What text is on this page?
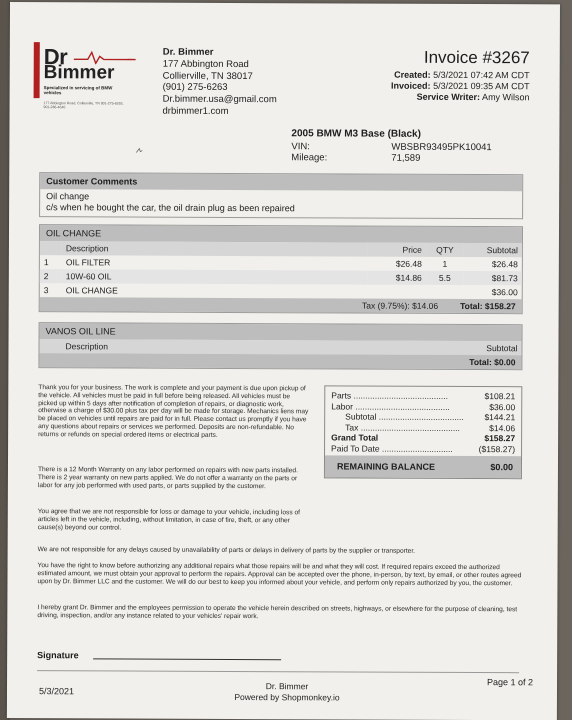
Dr
Bimmer
Specialized in servicing of BMW vehicles
177 Abbington Road, Collierville, TN 901-275-6263, 901-286-4640
Dr. Bimmer
177 Abbington Road
Collierville, TN 38017
(901) 275-6263
Dr.bimmer.usa@gmail.com
drbimmer1.com
Invoice #3267
Created: 5/3/2021 07:42 AM CDT
Invoiced: 5/3/2021 09:35 AM CDT
Service Writer: Amy Wilson
2005 BMW M3 Base (Black)
VIN:	WBSBR93495PK10041
Mileage:	71,589
Customer Comments
Oil change
c/s when he bought the car, the oil drain plug as been repaired
OIL CHANGE
	Description	Price	QTY	Subtotal
1	OIL FILTER	$26.48	1	$26.48
2	10W-60 OIL	$14.86	5.5	$81.73
3	OIL CHANGE			$36.00
Tax (9.75%): $14.06	Total: $158.27
VANOS OIL LINE
	Description	Subtotal
Total: $0.00
Parts ........................................	$108.21
Labor ........................................	$36.00
Subtotal .................................... $144.21
Tax ..........................................	$14.06
Grand Total	$158.27
Paid To Date ..............................	($158.27)
REMAINING BALANCE	$0.00
Thank you for your business. The work is complete and your payment is due upon pickup of the vehicle. All vehicles must be paid in full before being released. All vehicles must be picked up within 5 days after notification of completion of repairs, or diagnostic work, otherwise a charge of $30.00 plus tax per day will be made for storage. Mechanics liens may be placed on vehicles until repairs are paid for in full. Please contact us promptly if you have any questions about repairs or services we performed. Deposits are non-refundable. No returns or refunds on special ordered items or electrical parts.
There is a 12 Month Warranty on any labor performed on repairs with new parts installed. There is 2 year warranty on new parts applied. We do not offer a warranty on the parts or labor for any job performed with used parts, or parts supplied by the customer.
You agree that we are not responsible for loss or damage to your vehicle, including loss of articles left in the vehicle, including, without limitation, in case of fire, theft, or any other cause(s) beyond our control.
We are not responsible for any delays caused by unavailability of parts or delays in delivery of parts by the supplier or transporter.
You have the right to know before authorizing any additional repairs what those repairs will be and what they will cost. If required repairs exceed the authorized estimated amount, we must obtain your approval to perform the repairs. Approval can be accepted over the phone, in-person, by text, by email, or other routes agreed upon by Dr. Bimmer LLC and the customer. We will do our best to keep you informed about your vehicle, and perform only repairs authorized by you, the customer.
I hereby grant Dr. Bimmer and the employees permission to operate the vehicle herein described on streets, highways, or elsewhere for the purpose of cleaning, test driving, inspection, and/or any instance related to your vehicles' repair work.
Signature
5/3/2021	Dr. Bimmer
Powered by Shopmonkey.io
Page 1 of 2
